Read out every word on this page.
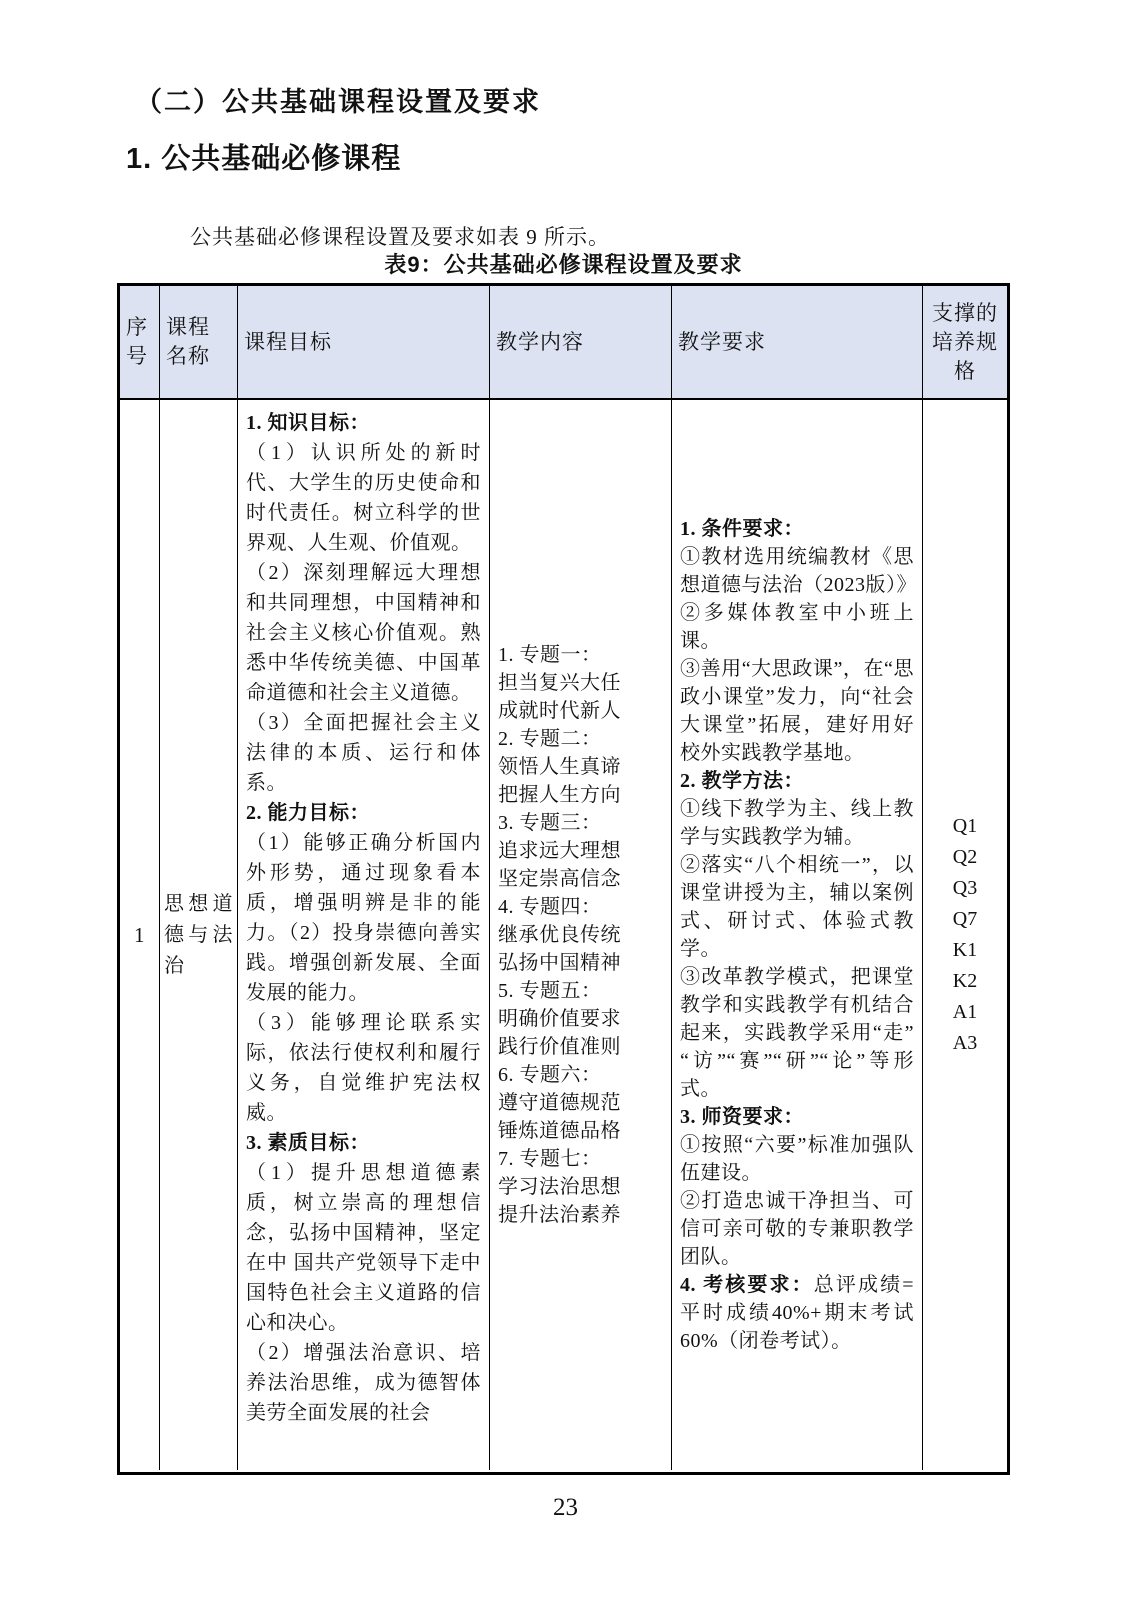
（二）公共基础课程设置及要求
1. 公共基础必修课程

公共基础必修课程设置及要求如表 9 所示。

表9：公共基础必修课程设置及要求
序号
课程名称
课程目标	教学内容	教学要求
支撑的培养规格
1
思想道德与法治

1. 知识目标：

（1）认识所处的新时代、大学生的历史使命和时代责任。树立科学的世界观、人生观、价值观。

（2）深刻理解远大理想和共同理想，中国精神和社会主义核心价值观。熟悉中华传统美德、中国革命道德和社会主义道德。

（3）全面把握社会主义法律的本质、运行和体系。

2. 能力目标：

（1）能够正确分析国内外形势，通过现象看本质，增强明辨是非的能力。（2）投身崇德向善实践。增强创新发展、全面发展的能力。

（3）能够理论联系实际，依法行使权利和履行义务，自觉维护宪法权威。

3. 素质目标：

（1）提升思想道德素质，树立崇高的理想信念，弘扬中国精神，坚定在中 国共产党领导下走中国特色社会主义道路的信心和决心。

（2）增强法治意识、培养法治思维，成为德智体美劳全面发展的社会

1. 专题一：

担当复兴大任

成就时代新人

2. 专题二：

领悟人生真谛

把握人生方向

3. 专题三：

追求远大理想

坚定崇高信念

4. 专题四：

继承优良传统

弘扬中国精神

5. 专题五：

明确价值要求

践行价值准则

6. 专题六：

遵守道德规范

锤炼道德品格

7. 专题七：

学习法治思想

提升法治素养

1. 条件要求：

①教材选用统编教材《思想道德与法治（2023版）》

②多媒体教室中小班上课。

③善用“大思政课”，在“思政小课堂”发力，向“社会大课堂”拓展，建好用好校外实践教学基地。

2. 教学方法：

①线下教学为主、线上教学与实践教学为辅。

②落实“八个相统一”，以课堂讲授为主，辅以案例式、研讨式、体验式教学。

③改革教学模式，把课堂教学和实践教学有机结合起来，实践教学采用“走”“访”“赛”“研”“论”等形式。

3. 师资要求：

①按照“六要”标准加强队伍建设。

②打造忠诚干净担当、可信可亲可敬的专兼职教学团队。

4. 考核要求：总评成绩=平时成绩40%+期末考试60%（闭卷考试）。

Q1

Q2

Q3

Q7

K1

K2

A1

A3

23
